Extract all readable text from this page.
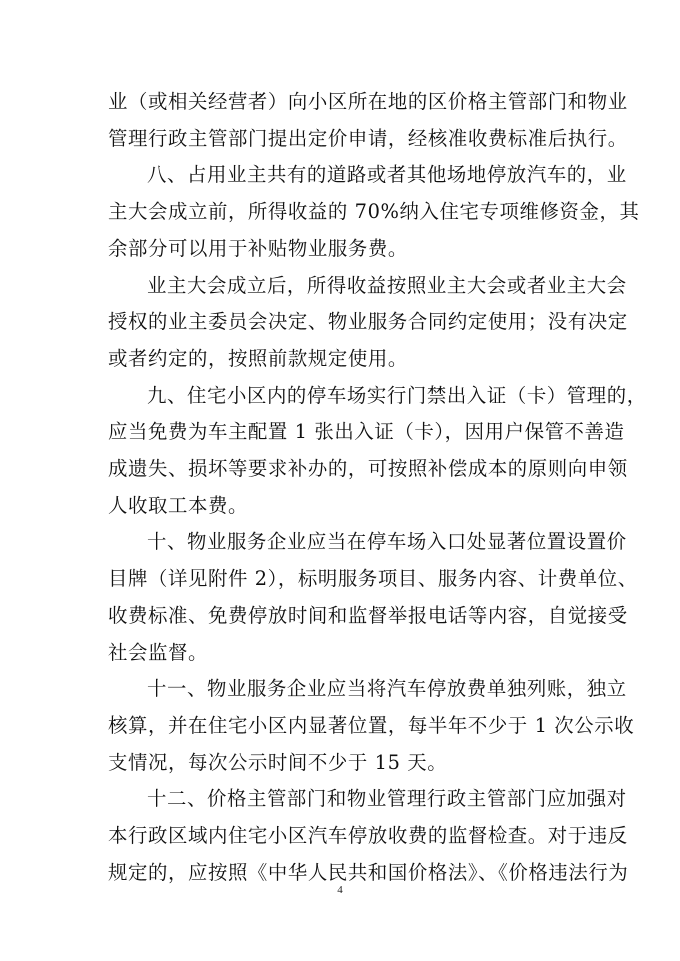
业（或相关经营者）向小区所在地的区价格主管部门和物业
管理行政主管部门提出定价申请，经核准收费标准后执行。

八、占用业主共有的道路或者其他场地停放汽车的，业
主大会成立前，所得收益的 70%纳入住宅专项维修资金，其
余部分可以用于补贴物业服务费。

业主大会成立后，所得收益按照业主大会或者业主大会
授权的业主委员会决定、物业服务合同约定使用；没有决定
或者约定的，按照前款规定使用。

九、住宅小区内的停车场实行门禁出入证（卡）管理的，
应当免费为车主配置 1 张出入证（卡），因用户保管不善造
成遗失、损坏等要求补办的，可按照补偿成本的原则向申领
人收取工本费。

十、物业服务企业应当在停车场入口处显著位置设置价
目牌（详见附件 2），标明服务项目、服务内容、计费单位、
收费标准、免费停放时间和监督举报电话等内容，自觉接受
社会监督。

十一、物业服务企业应当将汽车停放费单独列账，独立
核算，并在住宅小区内显著位置，每半年不少于 1 次公示收
支情况，每次公示时间不少于 15 天。

十二、价格主管部门和物业管理行政主管部门应加强对
本行政区域内住宅小区汽车停放收费的监督检查。对于违反
规定的，应按照《中华人民共和国价格法》、《价格违法行为

4
